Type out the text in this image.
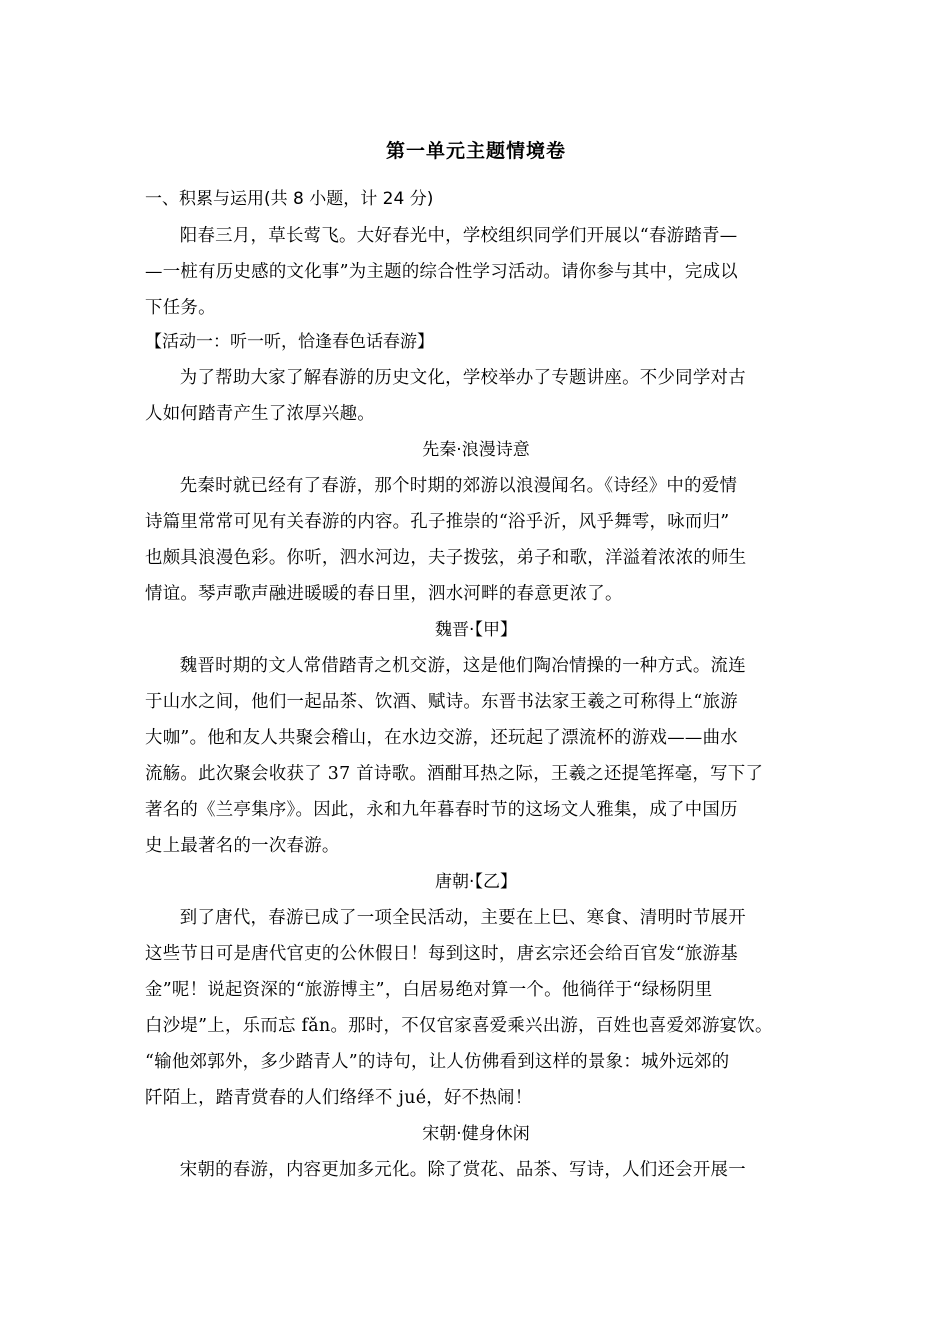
第一单元主题情境卷
一、积累与运用(共 8 小题，计 24 分)

阳春三月，草长莺飞。大好春光中，学校组织同学们开展以“春游踏青—
—一桩有历史感的文化事”为主题的综合性学习活动。请你参与其中，完成以
下任务。

【活动一：听一听，恰逢春色话春游】

为了帮助大家了解春游的历史文化，学校举办了专题讲座。不少同学对古
人如何踏青产生了浓厚兴趣。

先秦·浪漫诗意

先秦时就已经有了春游，那个时期的郊游以浪漫闻名。《诗经》中的爱情
诗篇里常常可见有关春游的内容。孔子推崇的“浴乎沂，风乎舞雩，咏而归”
也颇具浪漫色彩。你听，泗水河边，夫子拨弦，弟子和歌，洋溢着浓浓的师生
情谊。琴声歌声融进暖暖的春日里，泗水河畔的春意更浓了。

魏晋·【甲】

魏晋时期的文人常借踏青之机交游，这是他们陶冶情操的一种方式。流连
于山水之间，他们一起品茶、饮酒、赋诗。东晋书法家王羲之可称得上“旅游
大咖”。他和友人共聚会稽山，在水边交游，还玩起了漂流杯的游戏——曲水
流觞。此次聚会收获了 37 首诗歌。酒酣耳热之际，王羲之还提笔挥毫，写下了
著名的《兰亭集序》。因此，永和九年暮春时节的这场文人雅集，成了中国历
史上最著名的一次春游。

唐朝·【乙】

到了唐代，春游已成了一项全民活动，主要在上巳、寒食、清明时节展开
这些节日可是唐代官吏的公休假日！每到这时，唐玄宗还会给百官发“旅游基
金”呢！说起资深的“旅游博主”，白居易绝对算一个。他徜徉于“绿杨阴里
白沙堤”上，乐而忘 fǎn。那时，不仅官家喜爱乘兴出游，百姓也喜爱郊游宴饮。
“输他郊郭外，多少踏青人”的诗句，让人仿佛看到这样的景象：城外远郊的
阡陌上，踏青赏春的人们络绎不 jué，好不热闹！

宋朝·健身休闲

宋朝的春游，内容更加多元化。除了赏花、品茶、写诗，人们还会开展一
